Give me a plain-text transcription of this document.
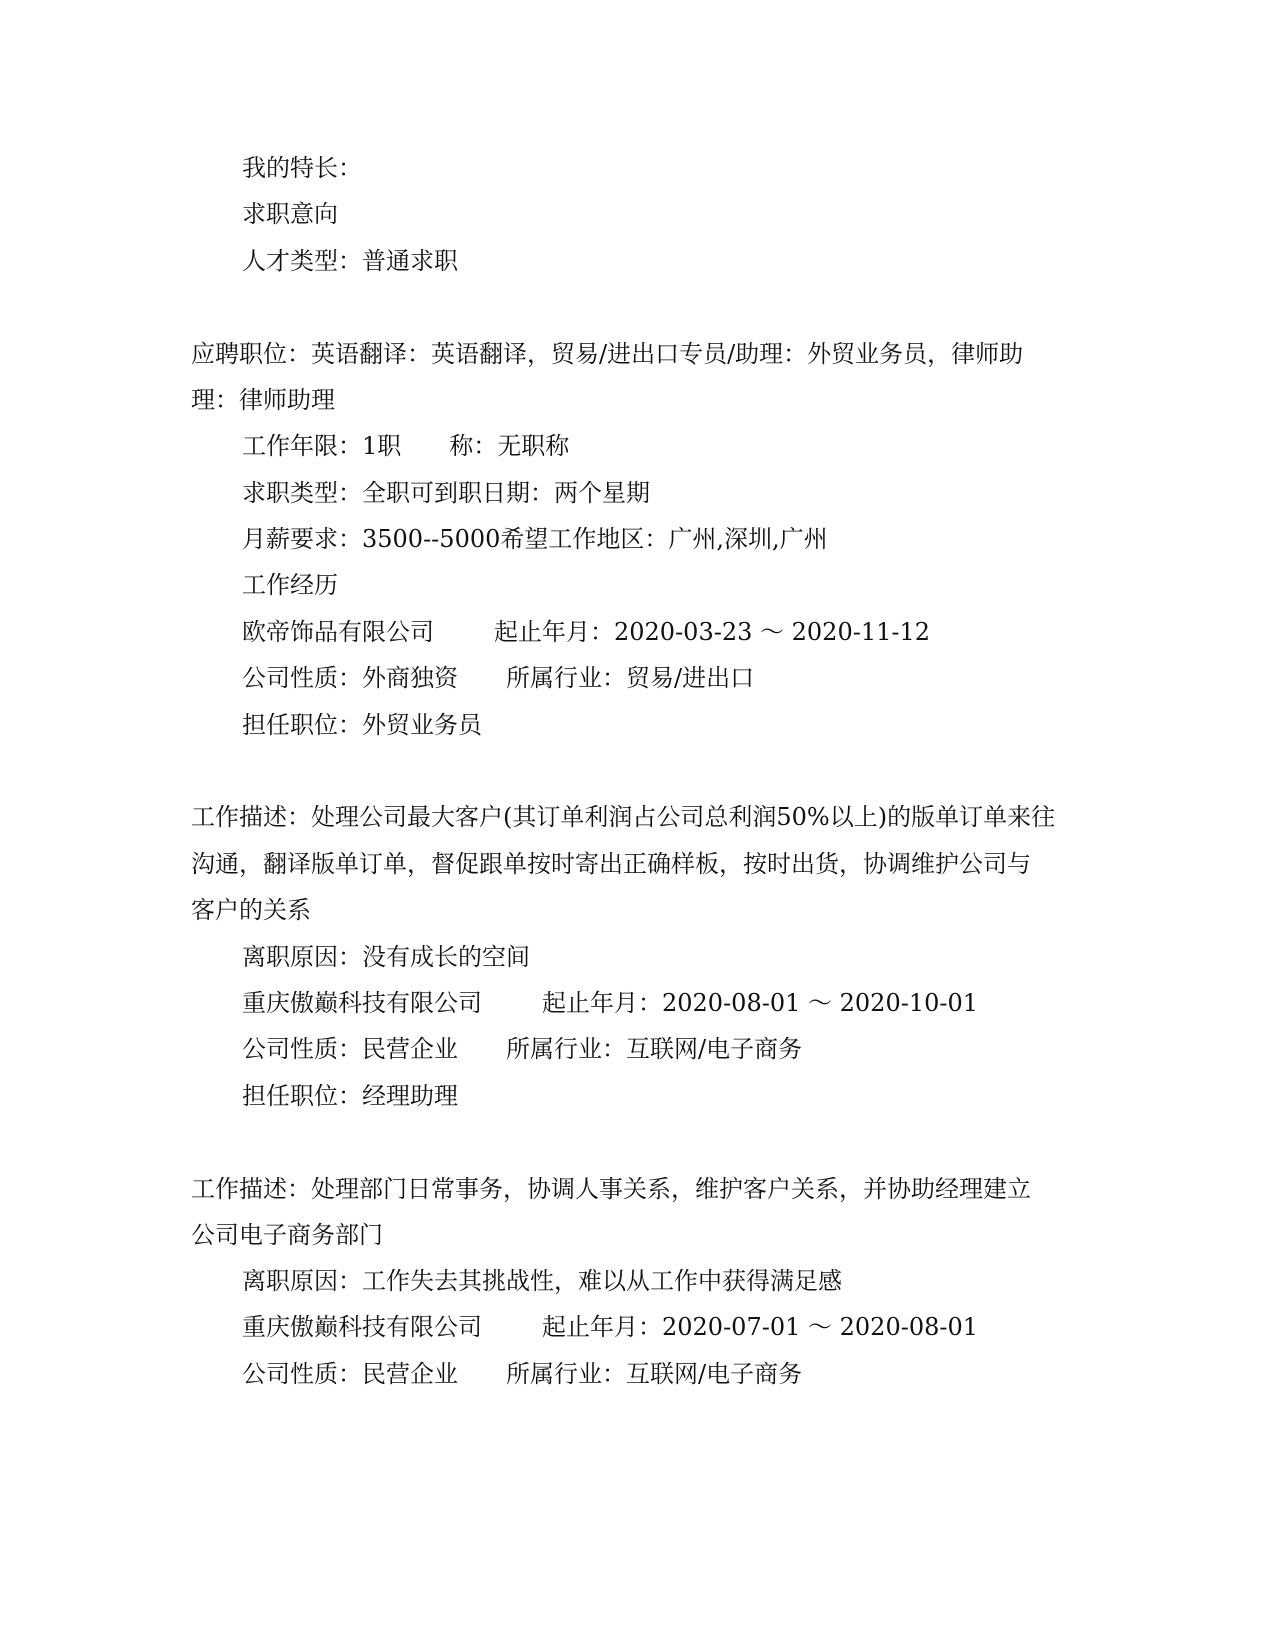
我的特长：
求职意向
人才类型：普通求职
应聘职位：英语翻译：英语翻译，贸易/进出口专员/助理：外贸业务员，律师助
理：律师助理
工作年限：1职 称：无职称
求职类型：全职可到职日期：两个星期
月薪要求：3500--5000希望工作地区：广州,深圳,广州
工作经历
欧帝饰品有限公司	起止年月：2020-03-23 ～ 2020-11-12
公司性质：外商独资 所属行业：贸易/进出口
担任职位：外贸业务员
工作描述：处理公司最大客户(其订单利润占公司总利润50%以上)的版单订单来往
沟通，翻译版单订单，督促跟单按时寄出正确样板，按时出货，协调维护公司与
客户的关系
离职原因：没有成长的空间
重庆傲巅科技有限公司	起止年月：2020-08-01 ～ 2020-10-01
公司性质：民营企业 所属行业：互联网/电子商务
担任职位：经理助理
工作描述：处理部门日常事务，协调人事关系，维护客户关系，并协助经理建立
公司电子商务部门
离职原因：工作失去其挑战性，难以从工作中获得满足感
重庆傲巅科技有限公司	起止年月：2020-07-01 ～ 2020-08-01
公司性质：民营企业 所属行业：互联网/电子商务
